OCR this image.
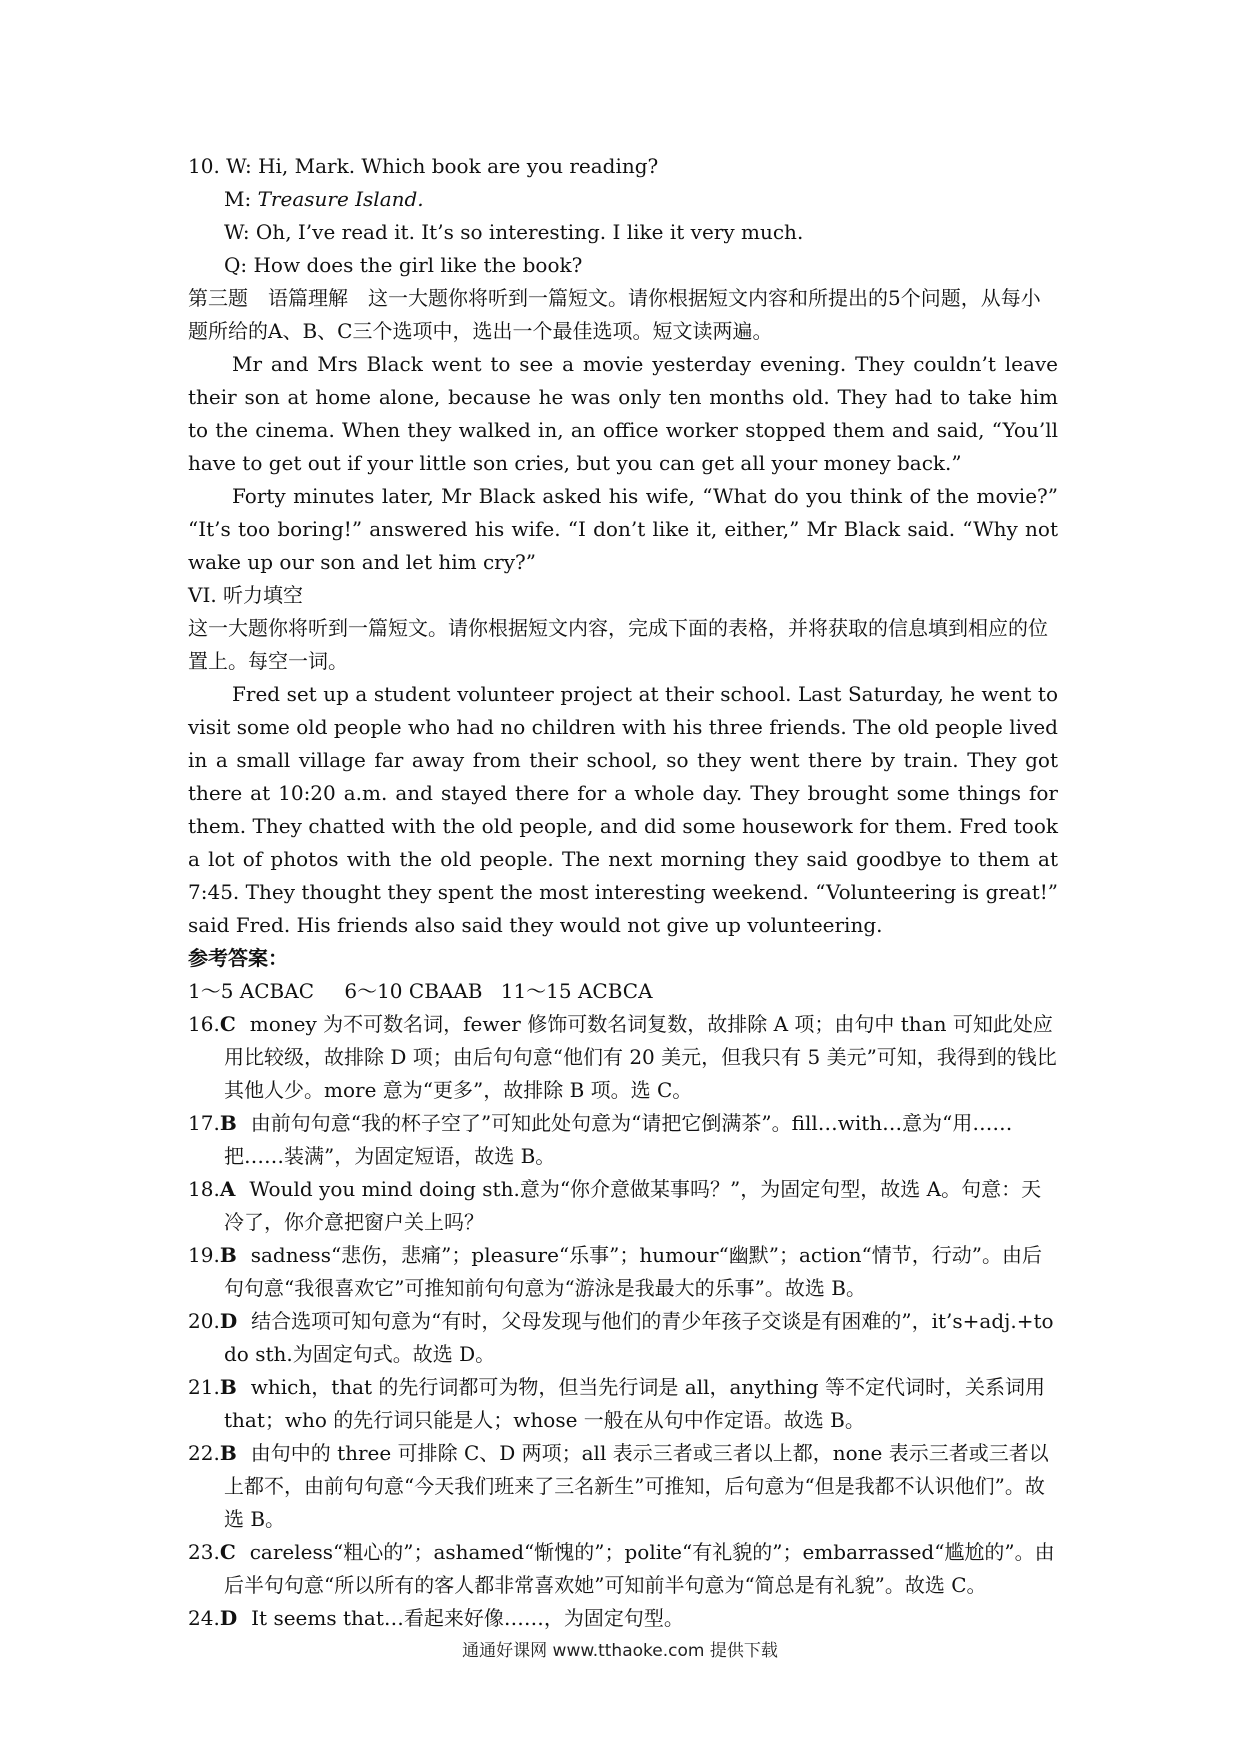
10. W: Hi, Mark. Which book are you reading?
M: Treasure Island.
W: Oh, I’ve read it. It’s so interesting. I like it very much.
Q: How does the girl like the book?
第三题　语篇理解　这一大题你将听到一篇短文。请你根据短文内容和所提出的5个问题，从每小题所给的A、B、C三个选项中，选出一个最佳选项。短文读两遍。
Mr and Mrs Black went to see a movie yesterday evening. They couldn’t leave their son at home alone, because he was only ten months old. They had to take him to the cinema. When they walked in, an office worker stopped them and said, “You’ll have to get out if your little son cries, but you can get all your money back.”
Forty minutes later, Mr Black asked his wife, “What do you think of the movie?” “It’s too boring!” answered his wife. “I don’t like it, either,” Mr Black said. “Why not wake up our son and let him cry?”
VI. 听力填空
这一大题你将听到一篇短文。请你根据短文内容，完成下面的表格，并将获取的信息填到相应的位置上。每空一词。
Fred set up a student volunteer project at their school. Last Saturday, he went to visit some old people who had no children with his three friends. The old people lived in a small village far away from their school, so they went there by train. They got there at 10:20 a.m. and stayed there for a whole day. They brought some things for them. They chatted with the old people, and did some housework for them. Fred took a lot of photos with the old people. The next morning they said goodbye to them at 7:45. They thought they spent the most interesting weekend. “Volunteering is great!” said Fred. His friends also said they would not give up volunteering.
参考答案：
1～5 ACBAC 6～10 CBAAB 11～15 ACBCA
16.C money 为不可数名词，fewer 修饰可数名词复数，故排除 A 项；由句中 than 可知此处应用比较级，故排除 D 项；由后句句意“他们有 20 美元，但我只有 5 美元”可知，我得到的钱比其他人少。more 意为“更多”，故排除 B 项。选 C。
17.B 由前句句意“我的杯子空了”可知此处句意为“请把它倒满茶”。fill…with…意为“用……把……装满”，为固定短语，故选 B。
18.A Would you mind doing sth.意为“你介意做某事吗？”，为固定句型，故选 A。句意：天冷了，你介意把窗户关上吗？
19.B sadness“悲伤，悲痛”；pleasure“乐事”；humour“幽默”；action“情节，行动”。由后句句意“我很喜欢它”可推知前句句意为“游泳是我最大的乐事”。故选 B。
20.D 结合选项可知句意为“有时，父母发现与他们的青少年孩子交谈是有困难的”，it’s+adj.+to do sth.为固定句式。故选 D。
21.B which，that 的先行词都可为物，但当先行词是 all，anything 等不定代词时，关系词用 that；who 的先行词只能是人；whose 一般在从句中作定语。故选 B。
22.B 由句中的 three 可排除 C、D 两项；all 表示三者或三者以上都，none 表示三者或三者以上都不，由前句句意“今天我们班来了三名新生”可推知，后句意为“但是我都不认识他们”。故选 B。
23.C careless“粗心的”；ashamed“惭愧的”；polite“有礼貌的”；embarrassed“尴尬的”。由后半句句意“所以所有的客人都非常喜欢她”可知前半句意为“简总是有礼貌”。故选 C。
24.D It seems that…看起来好像……，为固定句型。
通通好课网 www.tthaoke.com 提供下载
